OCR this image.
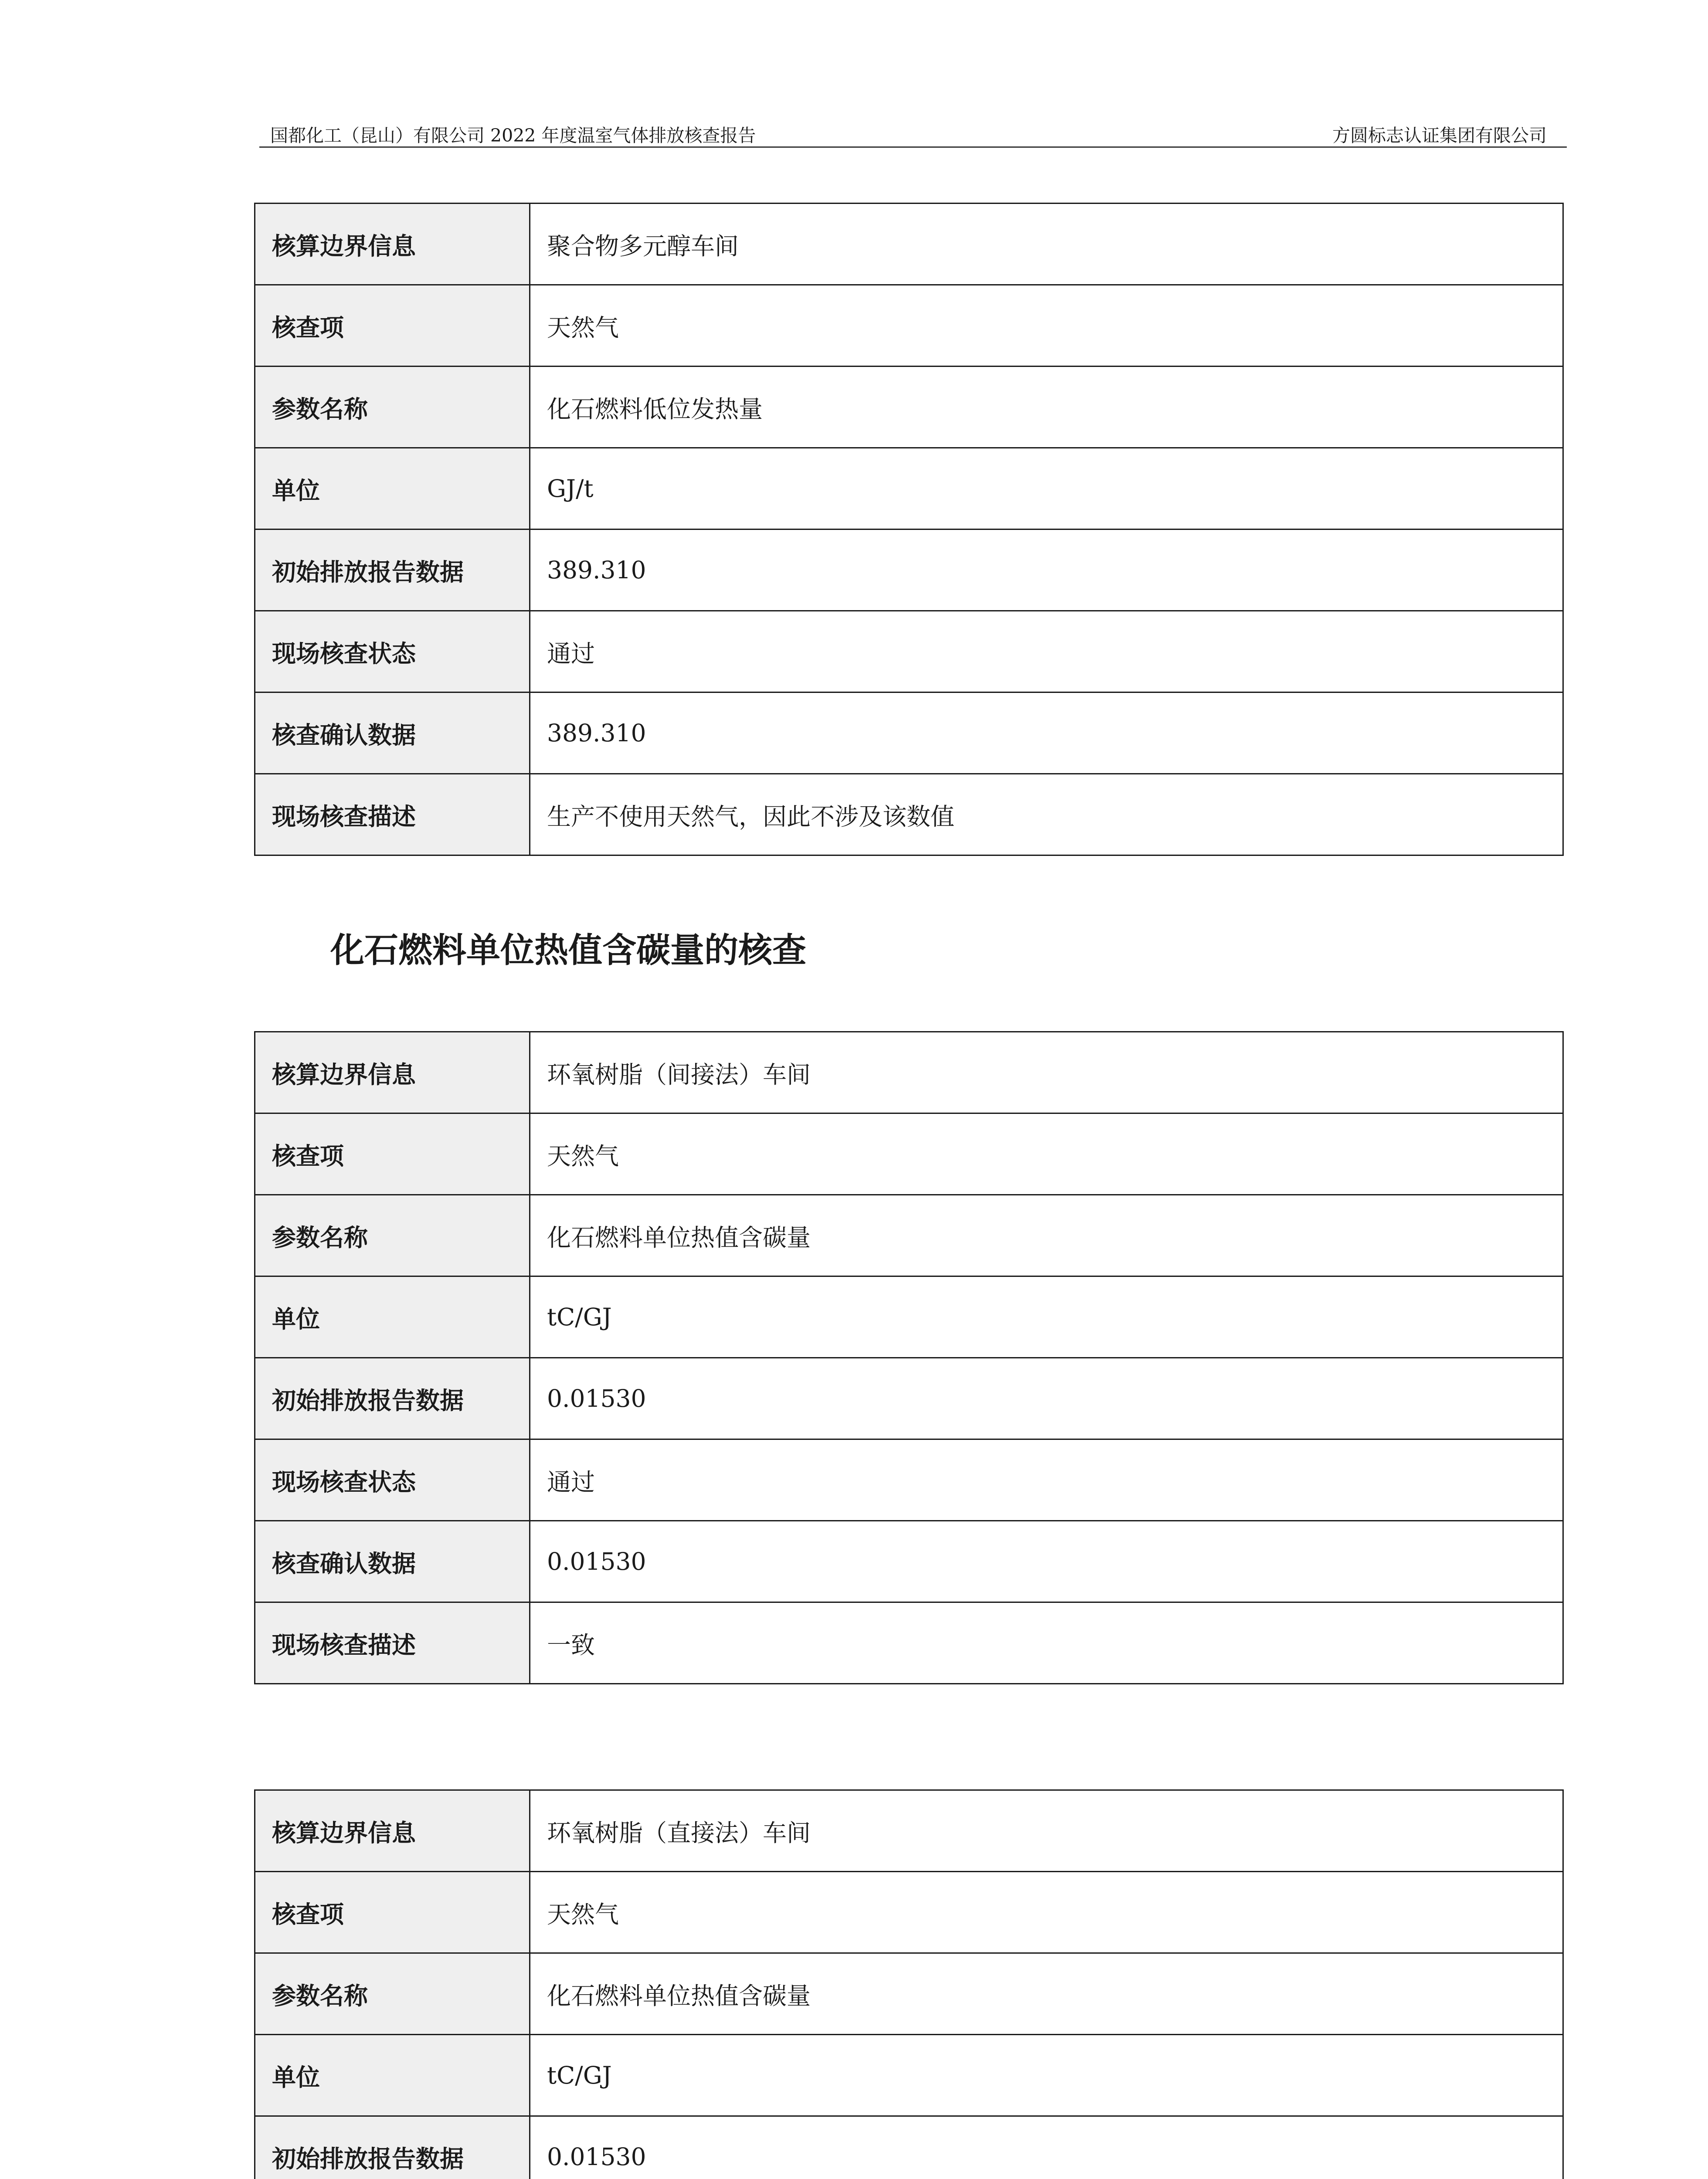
国都化工（昆山）有限公司 2022 年度温室气体排放核查报告	方圆标志认证集团有限公司
核算边界信息	聚合物多元醇车间
核查项	天然气
参数名称	化石燃料低位发热量
单位	GJ/t
初始排放报告数据	389.310
现场核查状态	通过
核查确认数据	389.310
现场核查描述	生产不使用天然气，因此不涉及该数值
化石燃料单位热值含碳量的核查
核算边界信息	环氧树脂（间接法）车间
核查项	天然气
参数名称	化石燃料单位热值含碳量
单位	tC/GJ
初始排放报告数据	0.01530
现场核查状态	通过
核查确认数据	0.01530
现场核查描述	一致
核算边界信息	环氧树脂（直接法）车间
核查项	天然气
参数名称	化石燃料单位热值含碳量
单位	tC/GJ
初始排放报告数据	0.01530
